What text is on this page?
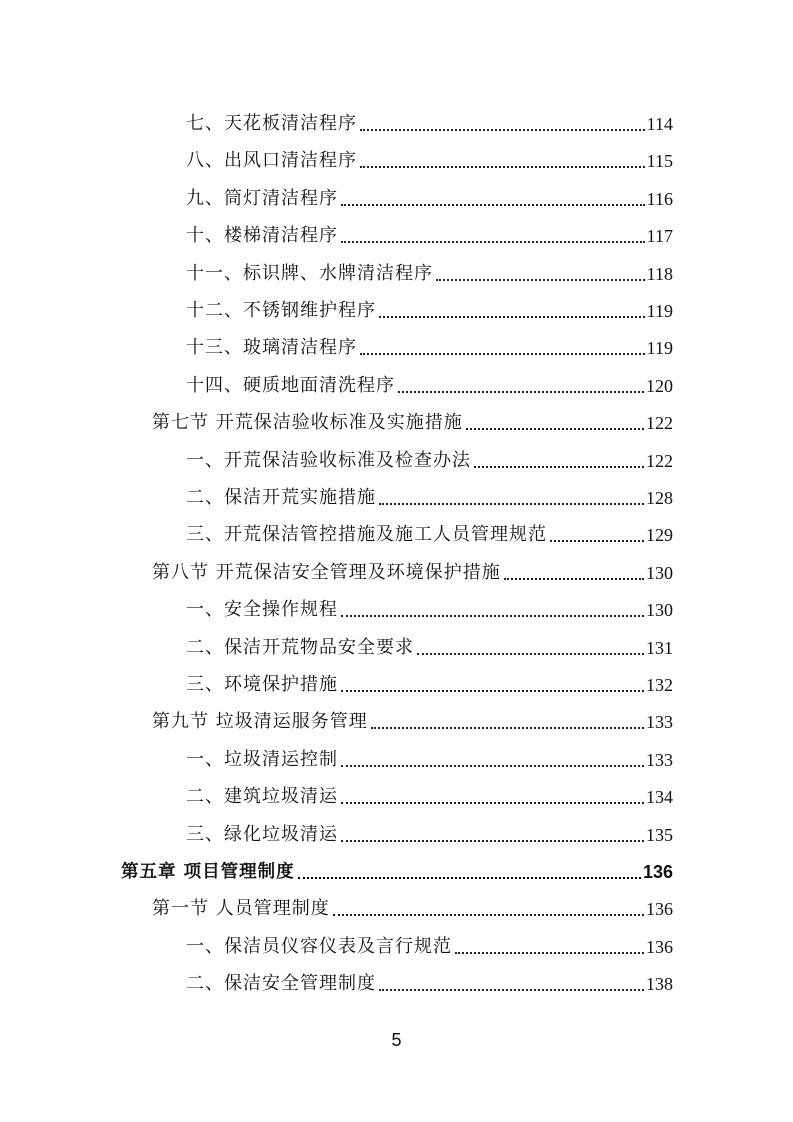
七、天花板清洁程序	114
八、出风口清洁程序	115
九、筒灯清洁程序	116
十、楼梯清洁程序	117
十一、标识牌、水牌清洁程序	118
十二、不锈钢维护程序	119
十三、玻璃清洁程序	119
十四、硬质地面清洗程序	120
第七节 开荒保洁验收标准及实施措施	122
一、开荒保洁验收标准及检查办法	122
二、保洁开荒实施措施	128
三、开荒保洁管控措施及施工人员管理规范	129
第八节 开荒保洁安全管理及环境保护措施	130
一、安全操作规程	130
二、保洁开荒物品安全要求	131
三、环境保护措施	132
第九节 垃圾清运服务管理	133
一、垃圾清运控制	133
二、建筑垃圾清运	134
三、绿化垃圾清运	135
第五章 项目管理制度	136
第一节 人员管理制度	136
一、保洁员仪容仪表及言行规范	136
二、保洁安全管理制度	138
5
